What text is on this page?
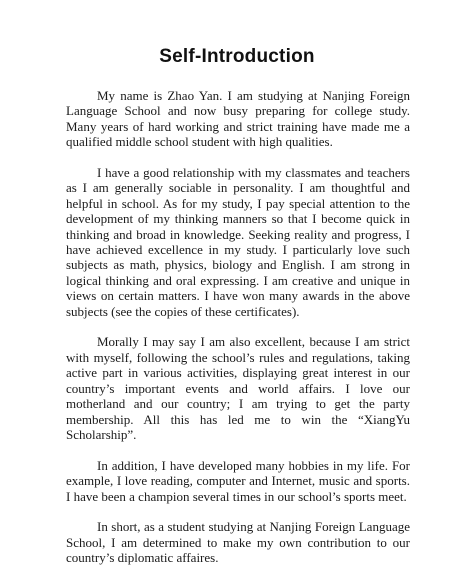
Self-Introduction

My name is Zhao Yan. I am studying at Nanjing Foreign Language School and now busy preparing for college study. Many years of hard working and strict training have made me a qualified middle school student with high qualities.

I have a good relationship with my classmates and teachers as I am generally sociable in personality. I am thoughtful and helpful in school. As for my study, I pay special attention to the development of my thinking manners so that I become quick in thinking and broad in knowledge. Seeking reality and progress, I have achieved excellence in my study. I particularly love such subjects as math, physics, biology and English. I am strong in logical thinking and oral expressing. I am creative and unique in views on certain matters. I have won many awards in the above subjects (see the copies of these certificates).

Morally I may say I am also excellent, because I am strict with myself, following the school’s rules and regulations, taking active part in various activities, displaying great interest in our country’s important events and world affairs. I love our motherland and our country; I am trying to get the party membership. All this has led me to win the “XiangYu Scholarship”.

In addition, I have developed many hobbies in my life. For example, I love reading, computer and Internet, music and sports. I have been a champion several times in our school’s sports meet.

In short, as a student studying at Nanjing Foreign Language School, I am determined to make my own contribution to our country’s diplomatic affaires.
